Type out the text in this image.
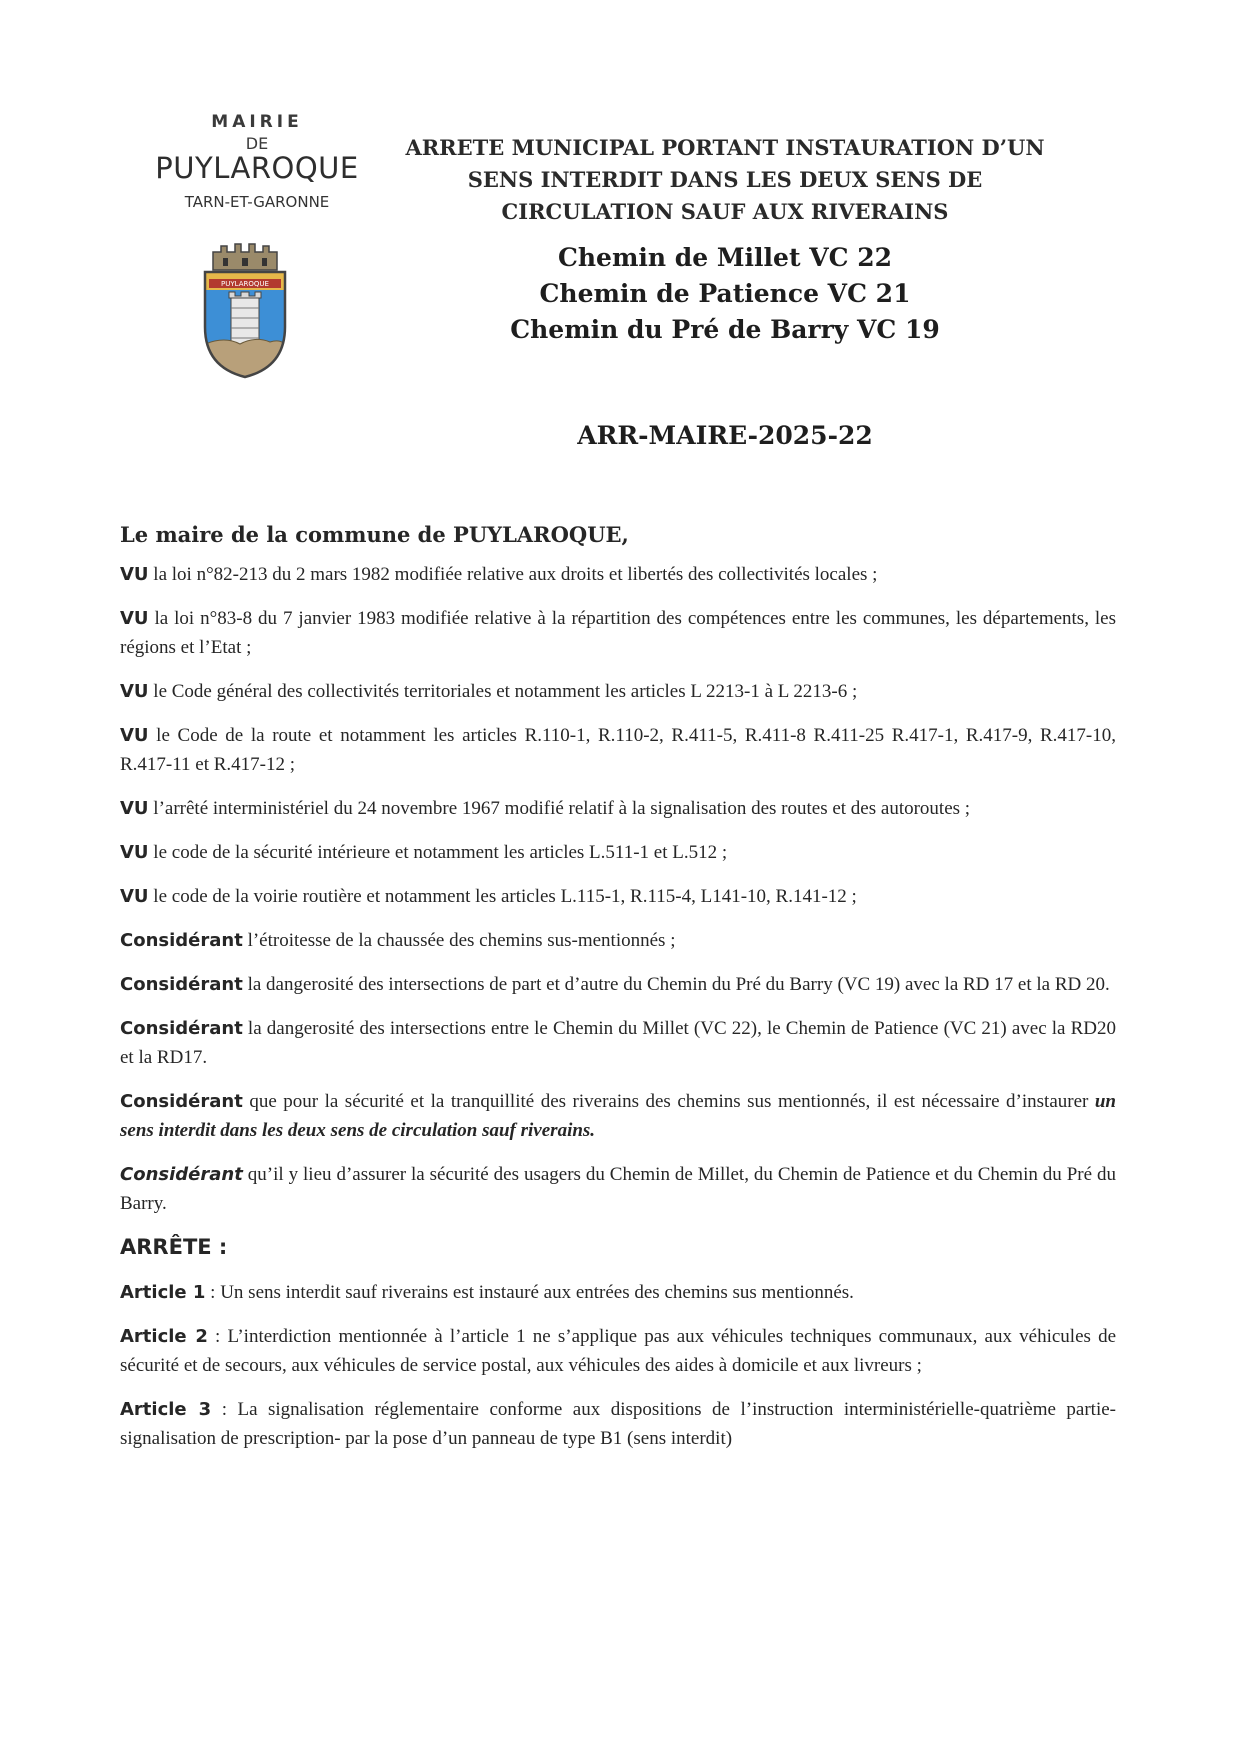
MAIRIE
DE
PUYLAROQUE
TARN-ET-GARONNE
PUYLAROQUE
ARRETE MUNICIPAL PORTANT INSTAURATION D’UN
SENS INTERDIT DANS LES DEUX SENS DE
CIRCULATION SAUF AUX RIVERAINS
Chemin de Millet VC 22
Chemin de Patience VC 21
Chemin du Pré de Barry VC 19
ARR-MAIRE-2025-22

Le maire de la commune de PUYLAROQUE,

VU la loi n°82-213 du 2 mars 1982 modifiée relative aux droits et libertés des collectivités locales ;

VU la loi n°83-8 du 7 janvier 1983 modifiée relative à la répartition des compétences entre les communes, les départements, les régions et l’Etat ;

VU le Code général des collectivités territoriales et notamment les articles L 2213-1 à L 2213-6 ;

VU le Code de la route et notamment les articles R.110-1, R.110-2, R.411-5, R.411-8 R.411-25 R.417-1, R.417-9, R.417-10, R.417-11 et R.417-12 ;

VU l’arrêté interministériel du 24 novembre 1967 modifié relatif à la signalisation des routes et des autoroutes ;

VU le code de la sécurité intérieure et notamment les articles L.511-1 et L.512 ;

VU le code de la voirie routière et notamment les articles L.115-1, R.115-4, L141-10, R.141-12 ;

Considérant l’étroitesse de la chaussée des chemins sus-mentionnés ;

Considérant la dangerosité des intersections de part et d’autre du Chemin du Pré du Barry (VC 19) avec la RD 17 et la RD 20.

Considérant la dangerosité des intersections entre le Chemin du Millet (VC 22), le Chemin de Patience (VC 21) avec la RD20 et la RD17.

Considérant que pour la sécurité et la tranquillité des riverains des chemins sus mentionnés, il est nécessaire d’instaurer un sens interdit dans les deux sens de circulation sauf riverains.

Considérant qu’il y lieu d’assurer la sécurité des usagers du Chemin de Millet, du Chemin de Patience et du Chemin du Pré du Barry.

ARRÊTE :

Article 1 : Un sens interdit sauf riverains est instauré aux entrées des chemins sus mentionnés.

Article 2 : L’interdiction mentionnée à l’article 1 ne s’applique pas aux véhicules techniques communaux, aux véhicules de sécurité et de secours, aux véhicules de service postal, aux véhicules des aides à domicile et aux livreurs ;

Article 3 : La signalisation réglementaire conforme aux dispositions de l’instruction interministérielle-quatrième partie-signalisation de prescription- par la pose d’un panneau de type B1 (sens interdit)
